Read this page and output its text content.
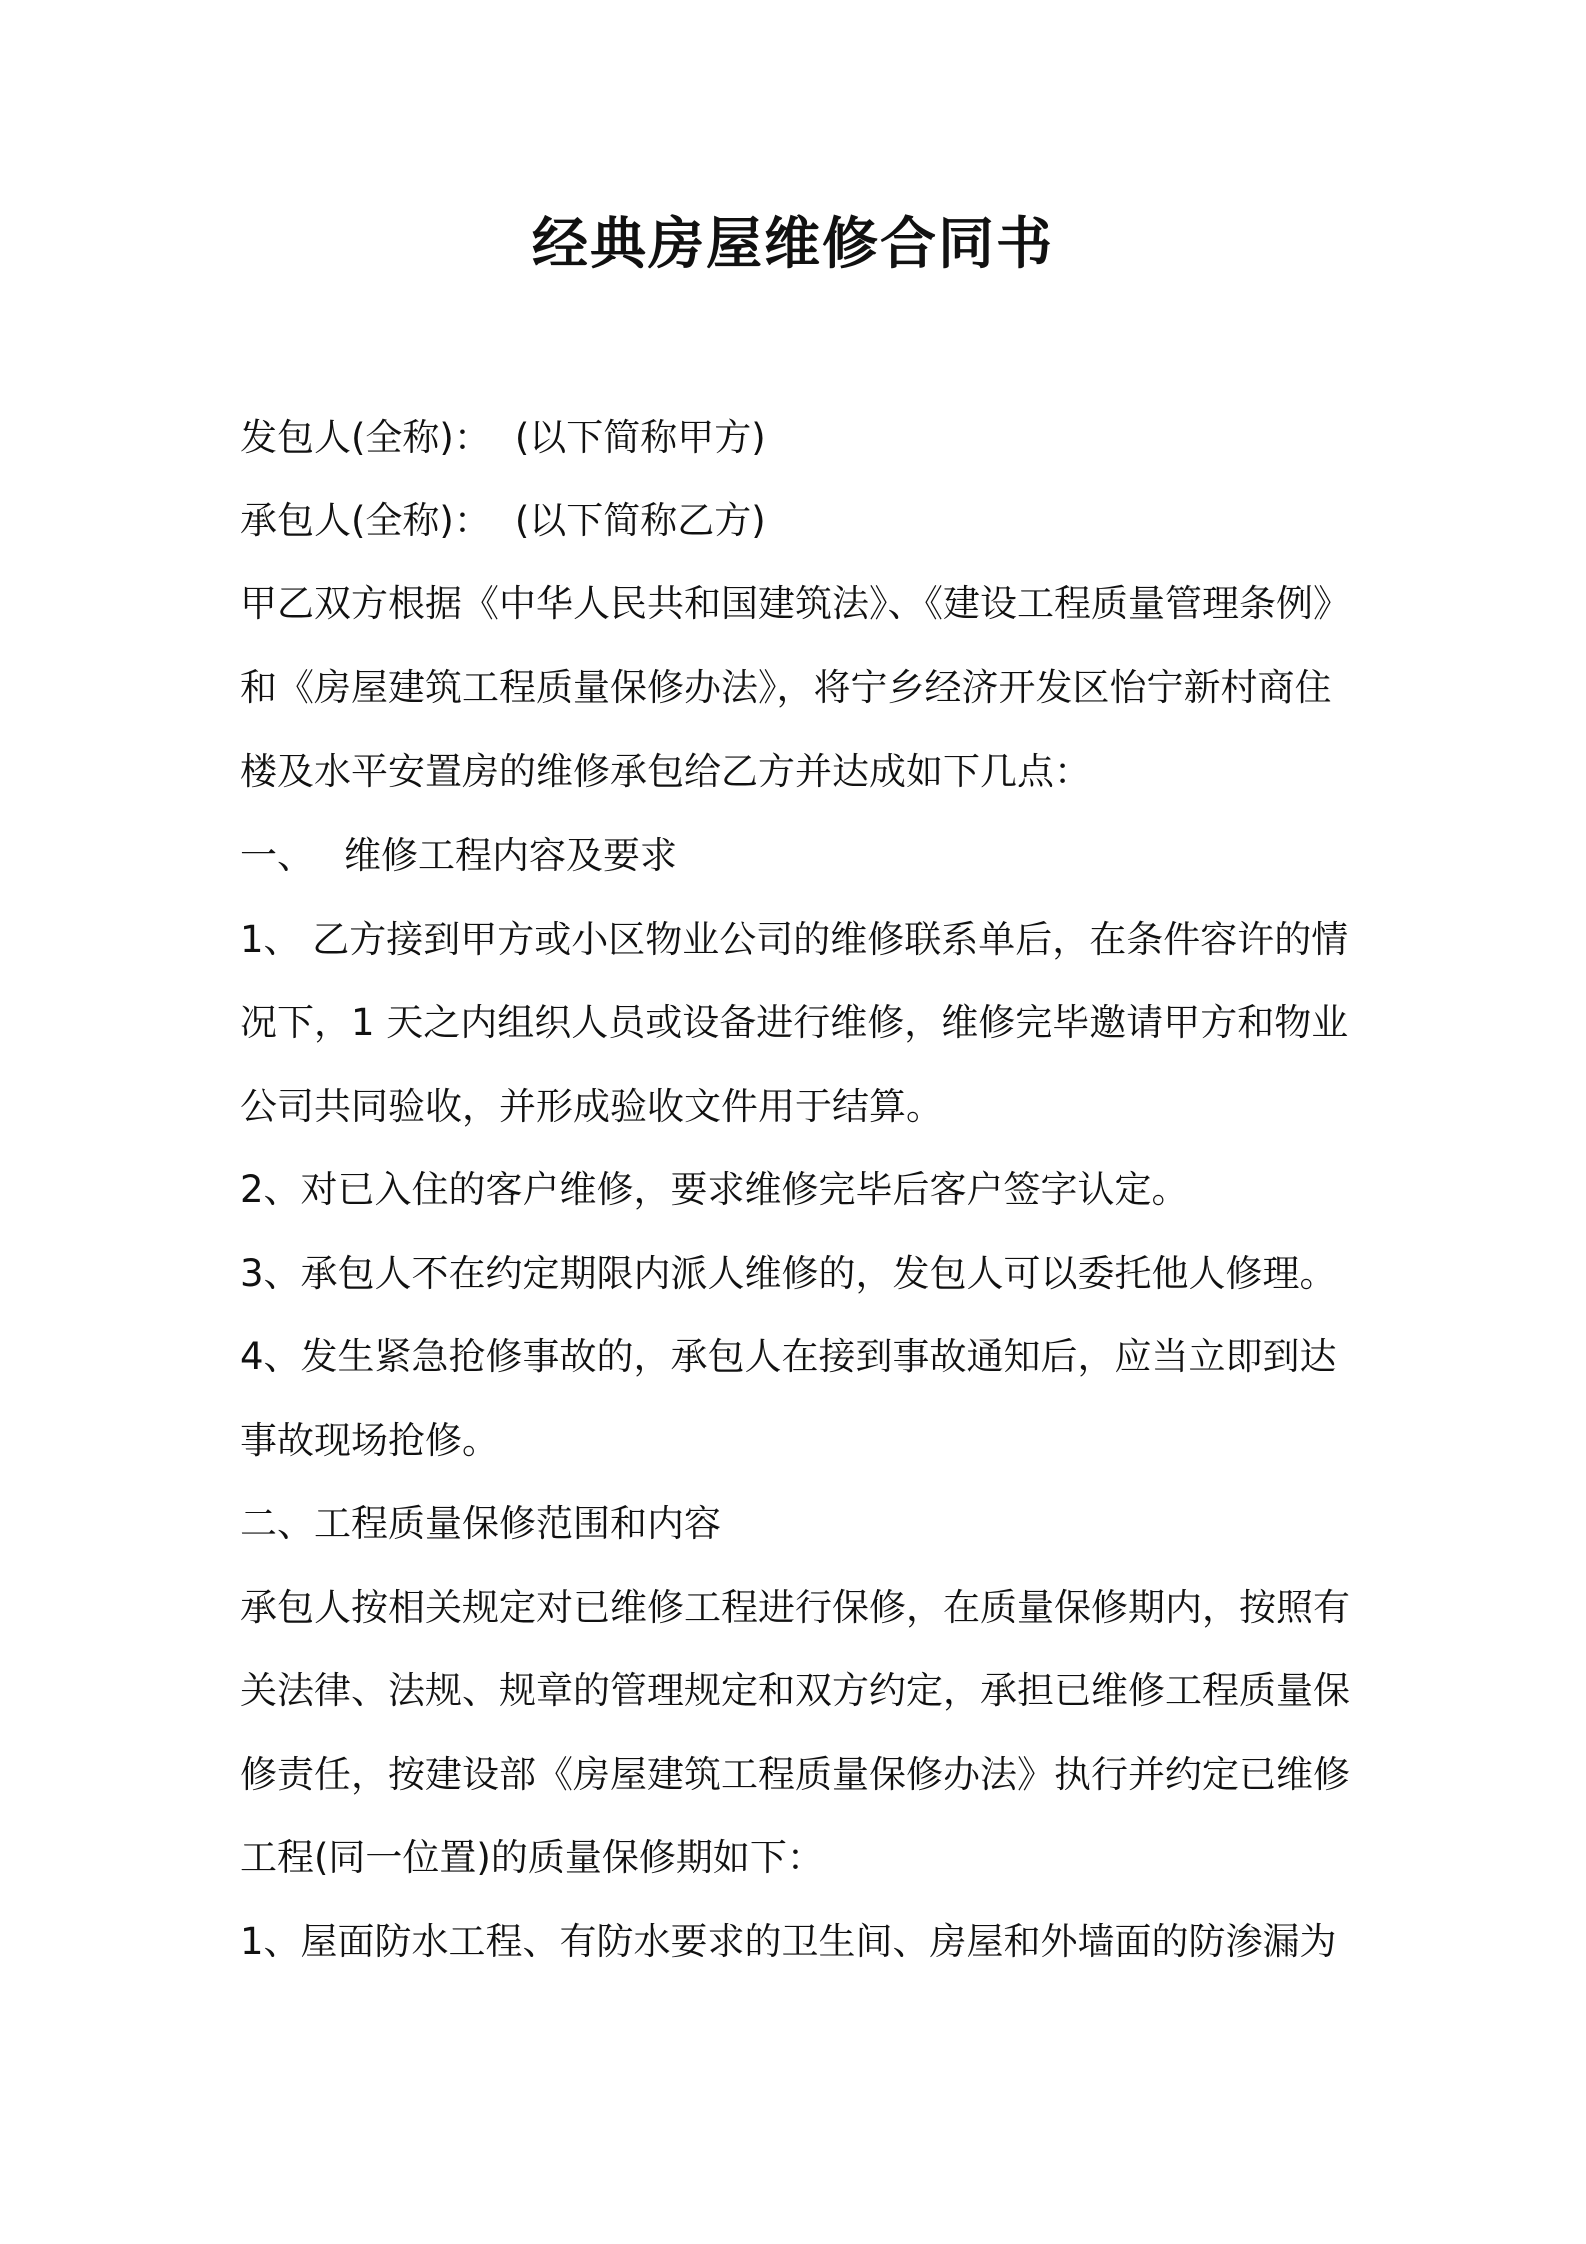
经典房屋维修合同书

发包人(全称)： (以下简称甲方)

承包人(全称)： (以下简称乙方)

甲乙双方根据《中华人民共和国建筑法》、《建设工程质量管理条例》

和《房屋建筑工程质量保修办法》，将宁乡经济开发区怡宁新村商住

楼及水平安置房的维修承包给乙方并达成如下几点：

一、 维修工程内容及要求

1、 乙方接到甲方或小区物业公司的维修联系单后，在条件容许的情

况下，1 天之内组织人员或设备进行维修，维修完毕邀请甲方和物业

公司共同验收，并形成验收文件用于结算。

2、对已入住的客户维修，要求维修完毕后客户签字认定。

3、承包人不在约定期限内派人维修的，发包人可以委托他人修理。

4、发生紧急抢修事故的，承包人在接到事故通知后，应当立即到达

事故现场抢修。

二、工程质量保修范围和内容

承包人按相关规定对已维修工程进行保修，在质量保修期内，按照有

关法律、法规、规章的管理规定和双方约定，承担已维修工程质量保

修责任，按建设部《房屋建筑工程质量保修办法》执行并约定已维修

工程(同一位置)的质量保修期如下：

1、屋面防水工程、有防水要求的卫生间、房屋和外墙面的防渗漏为
